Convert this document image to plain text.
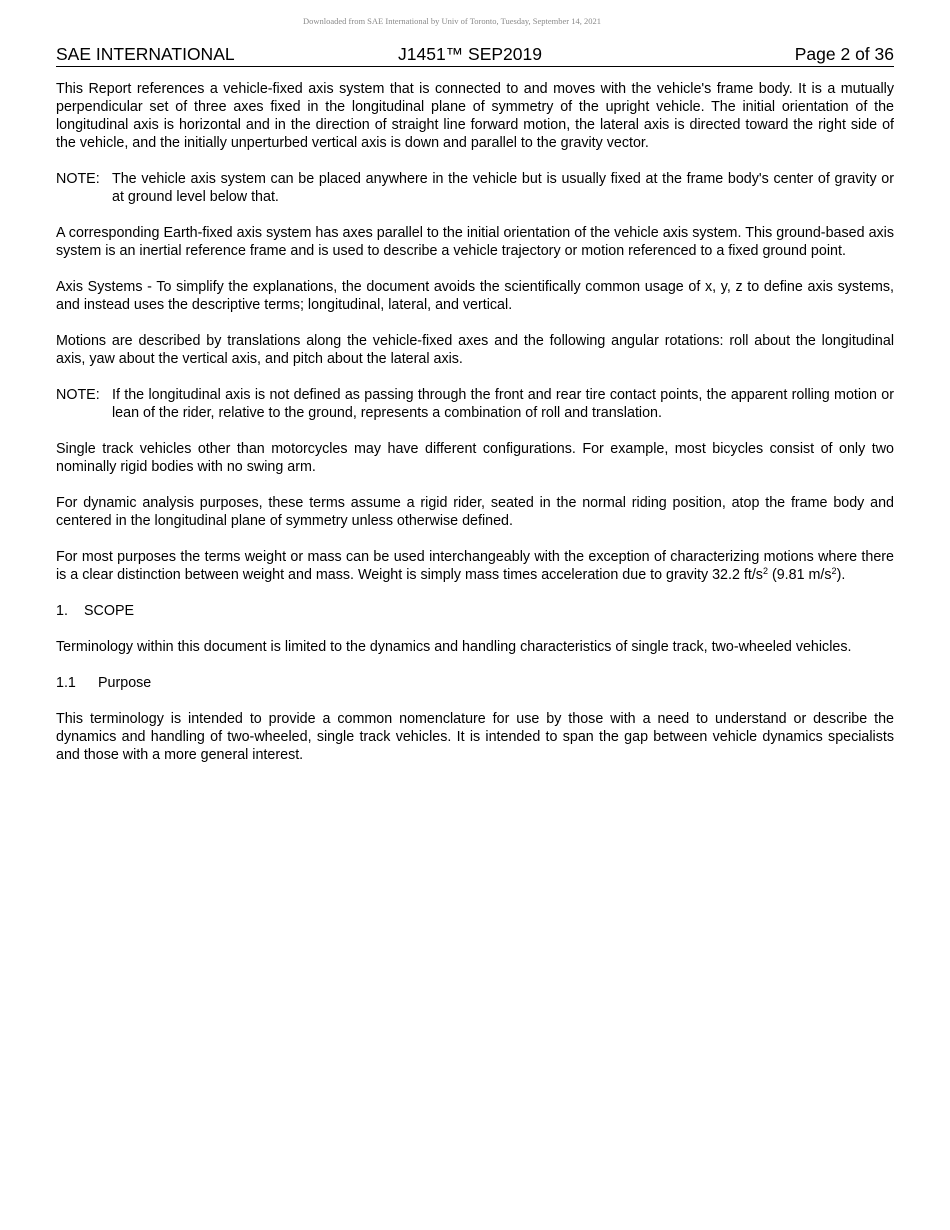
Downloaded from SAE International by Univ of Toronto, Tuesday, September 14, 2021
SAE INTERNATIONAL	J1451™ SEP2019	Page 2 of 36

This Report references a vehicle-fixed axis system that is connected to and moves with the vehicle's frame body. It is a mutually perpendicular set of three axes fixed in the longitudinal plane of symmetry of the upright vehicle. The initial orientation of the longitudinal axis is horizontal and in the direction of straight line forward motion, the lateral axis is directed toward the right side of the vehicle, and the initially unperturbed vertical axis is down and parallel to the gravity vector.

NOTE: The vehicle axis system can be placed anywhere in the vehicle but is usually fixed at the frame body's center of gravity or at ground level below that.

A corresponding Earth-fixed axis system has axes parallel to the initial orientation of the vehicle axis system. This ground-based axis system is an inertial reference frame and is used to describe a vehicle trajectory or motion referenced to a fixed ground point.

Axis Systems - To simplify the explanations, the document avoids the scientifically common usage of x, y, z to define axis systems, and instead uses the descriptive terms; longitudinal, lateral, and vertical.

Motions are described by translations along the vehicle-fixed axes and the following angular rotations: roll about the longitudinal axis, yaw about the vertical axis, and pitch about the lateral axis.

NOTE: If the longitudinal axis is not defined as passing through the front and rear tire contact points, the apparent rolling motion or lean of the rider, relative to the ground, represents a combination of roll and translation.

Single track vehicles other than motorcycles may have different configurations. For example, most bicycles consist of only two nominally rigid bodies with no swing arm.

For dynamic analysis purposes, these terms assume a rigid rider, seated in the normal riding position, atop the frame body and centered in the longitudinal plane of symmetry unless otherwise defined.

For most purposes the terms weight or mass can be used interchangeably with the exception of characterizing motions where there is a clear distinction between weight and mass. Weight is simply mass times acceleration due to gravity 32.2 $ft/s^2$ (9.81 $m/s^2$).

1.	SCOPE

Terminology within this document is limited to the dynamics and handling characteristics of single track, two-wheeled vehicles.

1.1	Purpose

This terminology is intended to provide a common nomenclature for use by those with a need to understand or describe the dynamics and handling of two-wheeled, single track vehicles. It is intended to span the gap between vehicle dynamics specialists and those with a more general interest.
